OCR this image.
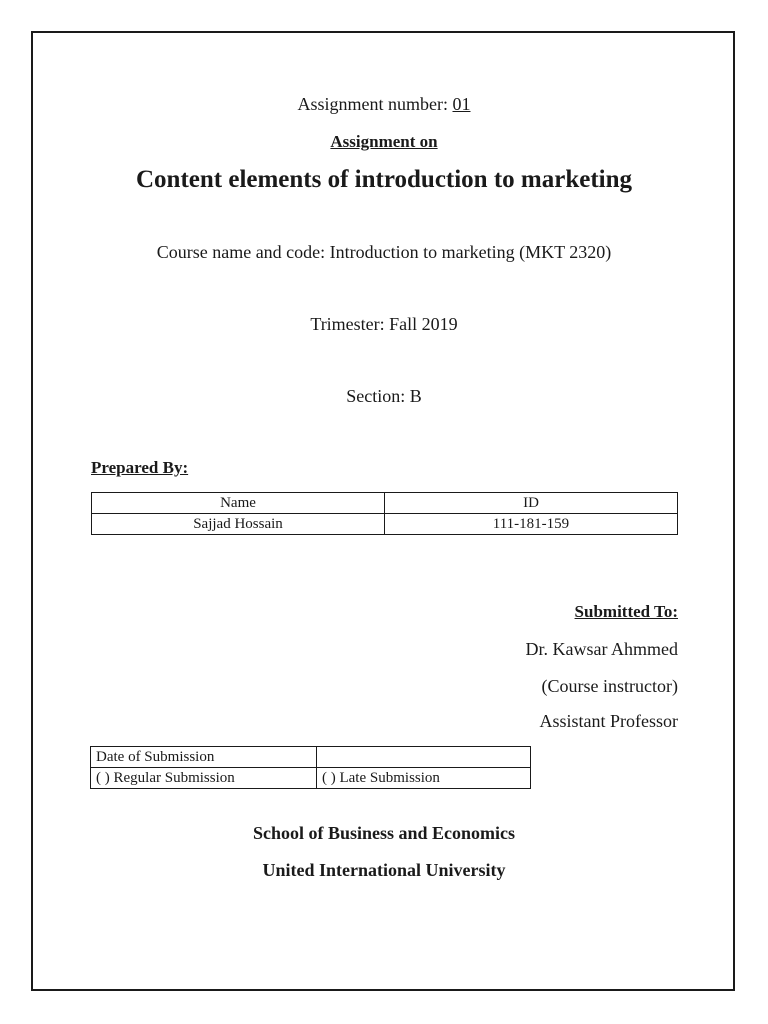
Assignment number: 01
Assignment on
Content elements of introduction to marketing
Course name and code: Introduction to marketing (MKT 2320)
Trimester: Fall 2019
Section: B
Prepared By:
Name	ID
Sajjad Hossain	111-181-159
Submitted To:
Dr. Kawsar Ahmmed
(Course instructor)
Assistant Professor
Date of Submission	
( ) Regular Submission	( ) Late Submission
School of Business and Economics
United International University
